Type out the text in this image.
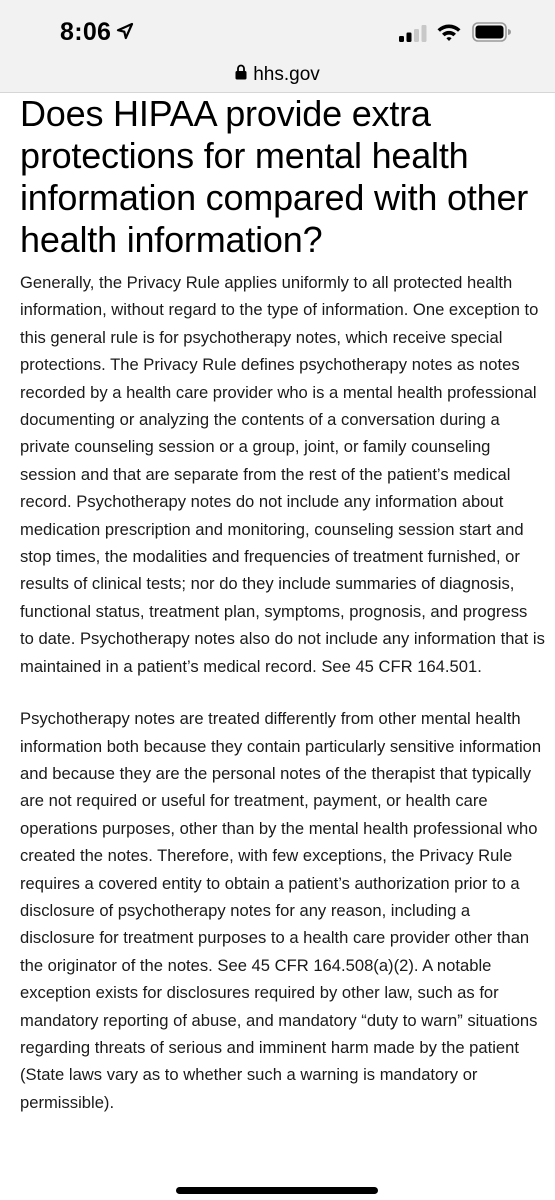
8:06
hhs.gov
Does HIPAA provide extra protections for mental health information compared with other health information?

Generally, the Privacy Rule applies uniformly to all protected health information, without regard to the type of information. One exception to this general rule is for psychotherapy notes, which receive special protections. The Privacy Rule defines psychotherapy notes as notes recorded by a health care provider who is a mental health professional documenting or analyzing the contents of a conversation during a private counseling session or a group, joint, or family counseling session and that are separate from the rest of the patient’s medical record. Psychotherapy notes do not include any information about medication prescription and monitoring, counseling session start and stop times, the modalities and frequencies of treatment furnished, or results of clinical tests; nor do they include summaries of diagnosis, functional status, treatment plan, symptoms, prognosis, and progress to date. Psychotherapy notes also do not include any information that is maintained in a patient’s medical record. See 45 CFR 164.501.

Psychotherapy notes are treated differently from other mental health information both because they contain particularly sensitive information and because they are the personal notes of the therapist that typically are not required or useful for treatment, payment, or health care operations purposes, other than by the mental health professional who created the notes. Therefore, with few exceptions, the Privacy Rule requires a covered entity to obtain a patient’s authorization prior to a disclosure of psychotherapy notes for any reason, including a disclosure for treatment purposes to a health care provider other than the originator of the notes. See 45 CFR 164.508(a)(2). A notable exception exists for disclosures required by other law, such as for mandatory reporting of abuse, and mandatory “duty to warn” situations regarding threats of serious and imminent harm made by the patient (State laws vary as to whether such a warning is mandatory or permissible).
